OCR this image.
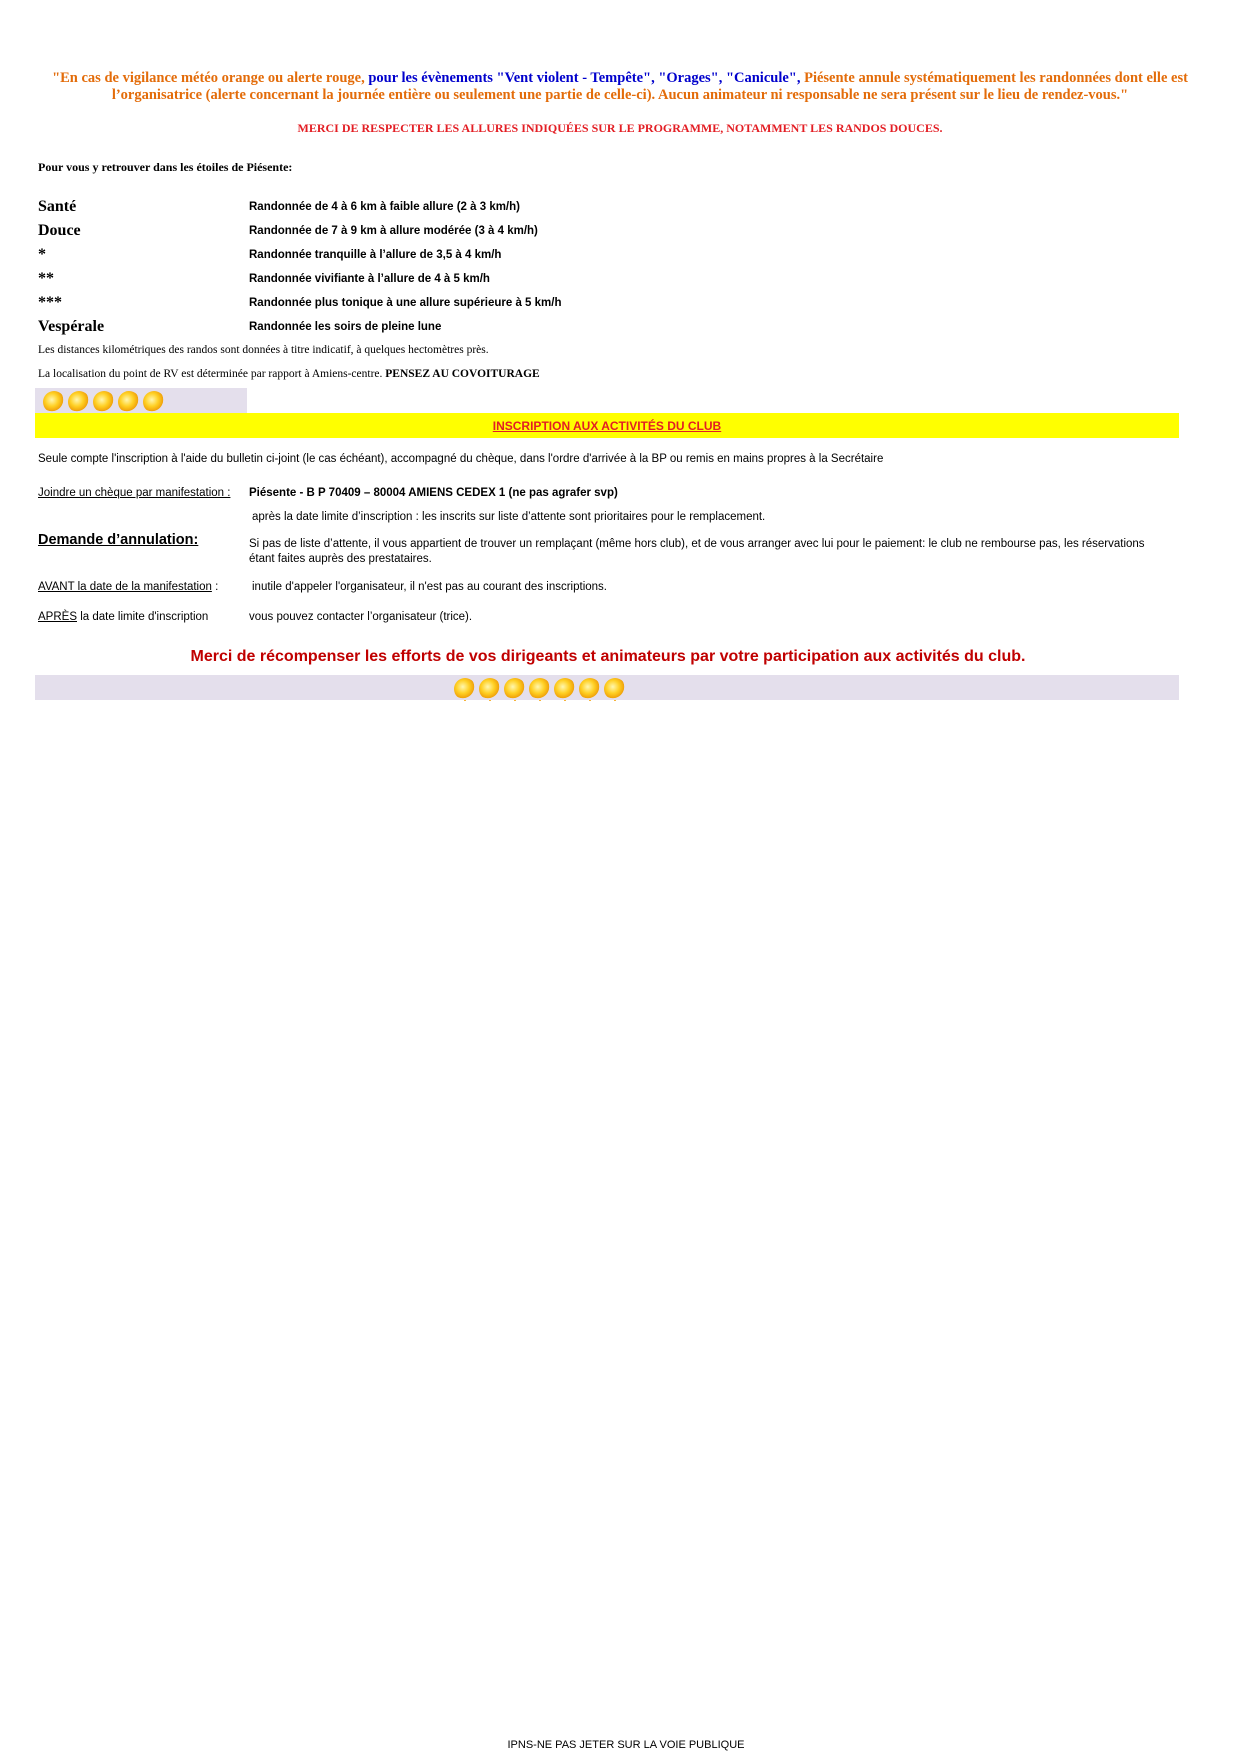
"En cas de vigilance météo orange ou alerte rouge, pour les évènements "Vent violent - Tempête", "Orages", "Canicule", Piésente annule systématiquement les randonnées dont elle est l’organisatrice (alerte concernant la journée entière ou seulement une partie de celle-ci). Aucun animateur ni responsable ne sera présent sur le lieu de rendez-vous."
MERCI DE RESPECTER LES ALLURES INDIQUÉES SUR LE PROGRAMME, NOTAMMENT LES RANDOS DOUCES.
Pour vous y retrouver dans les étoiles de Piésente:
Santé	Randonnée de 4 à 6 km à faible allure (2 à 3 km/h)
Douce	Randonnée de 7 à 9 km à allure modérée (3 à 4 km/h)
*	Randonnée tranquille à l’allure de 3,5 à 4 km/h
**	Randonnée vivifiante à l’allure de 4 à 5 km/h
***	Randonnée plus tonique à une allure supérieure à 5 km/h
Vespérale	Randonnée les soirs de pleine lune
Les distances kilométriques des randos sont données à titre indicatif, à quelques hectomètres près.
La localisation du point de RV est déterminée par rapport à Amiens-centre. PENSEZ AU COVOITURAGE
INSCRIPTION AUX ACTIVITÉS DU CLUB
Seule compte l'inscription à l'aide du bulletin ci-joint (le cas échéant), accompagné du chèque, dans l'ordre d'arrivée à la BP ou remis en mains propres à la Secrétaire
Joindre un chèque par manifestation : Piésente - B P 70409 – 80004 AMIENS CEDEX 1 (ne pas agrafer svp)
après la date limite d’inscription : les inscrits sur liste d’attente sont prioritaires pour le remplacement.
Demande d’annulation:	Si pas de liste d’attente, il vous appartient de trouver un remplaçant (même hors club), et de vous arranger avec lui pour le paiement: le club ne rembourse pas, les réservations étant faites auprès des prestataires.
AVANT la date de la manifestation :	inutile d'appeler l'organisateur, il n'est pas au courant des inscriptions.
APRÈS la date limite d'inscription	vous pouvez contacter l’organisateur (trice).
Merci de récompenser les efforts de vos dirigeants et animateurs par votre participation aux activités du club.
IPNS-NE PAS JETER SUR LA VOIE PUBLIQUE
